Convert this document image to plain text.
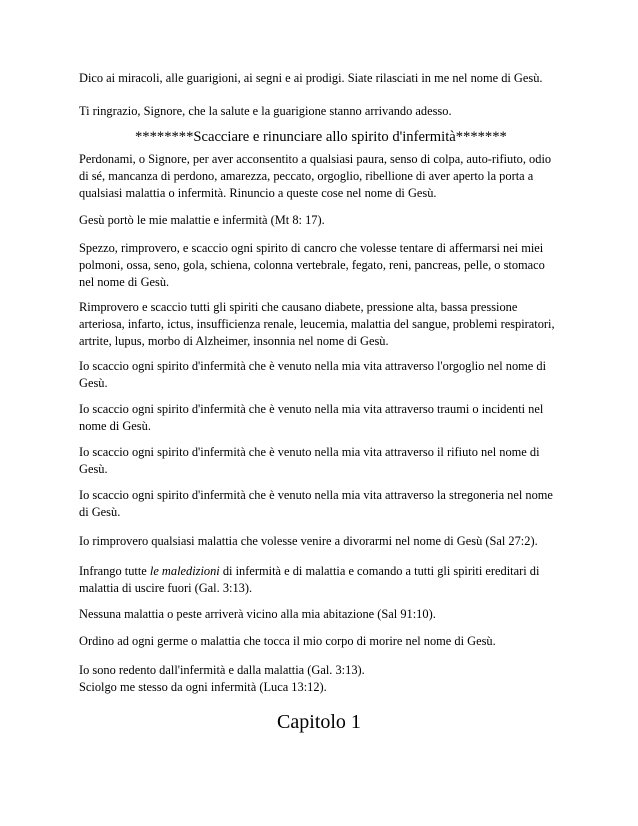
Dico ai miracoli, alle guarigioni, ai segni e ai prodigi. Siate rilasciati in me nel nome di Gesù.

Ti ringrazio, Signore, che la salute e la guarigione stanno arrivando adesso.

********Scacciare e rinunciare allo spirito d'infermità*******

Perdonami, o Signore, per aver acconsentito a qualsiasi paura, senso di colpa, auto-rifiuto, odio
di sé, mancanza di perdono, amarezza, peccato, orgoglio, ribellione di aver aperto la porta a
qualsiasi malattia o infermità. Rinuncio a queste cose nel nome di Gesù.

Gesù portò le mie malattie e infermità (Mt 8: 17).

Spezzo, rimprovero, e scaccio ogni spirito di cancro che volesse tentare di affermarsi nei miei
polmoni, ossa, seno, gola, schiena, colonna vertebrale, fegato, reni, pancreas, pelle, o stomaco
nel nome di Gesù.

Rimprovero e scaccio tutti gli spiriti che causano diabete, pressione alta, bassa pressione
arteriosa, infarto, ictus, insufficienza renale, leucemia, malattia del sangue, problemi respiratori,
artrite, lupus, morbo di Alzheimer, insonnia nel nome di Gesù.

Io scaccio ogni spirito d'infermità che è venuto nella mia vita attraverso l'orgoglio nel nome di
Gesù.

Io scaccio ogni spirito d'infermità che è venuto nella mia vita attraverso traumi o incidenti nel
nome di Gesù.

Io scaccio ogni spirito d'infermità che è venuto nella mia vita attraverso il rifiuto nel nome di
Gesù.

Io scaccio ogni spirito d'infermità che è venuto nella mia vita attraverso la stregoneria nel nome
di Gesù.

Io rimprovero qualsiasi malattia che volesse venire a divorarmi nel nome di Gesù (Sal 27:2).

Infrango tutte le maledizioni di infermità e di malattia e comando a tutti gli spiriti ereditari di
malattia di uscire fuori (Gal. 3:13).

Nessuna malattia o peste arriverà vicino alla mia abitazione (Sal 91:10).

Ordino ad ogni germe o malattia che tocca il mio corpo di morire nel nome di Gesù.

Io sono redento dall'infermità e dalla malattia (Gal. 3:13).
Sciolgo me stesso da ogni infermità (Luca 13:12).

Capitolo 1
